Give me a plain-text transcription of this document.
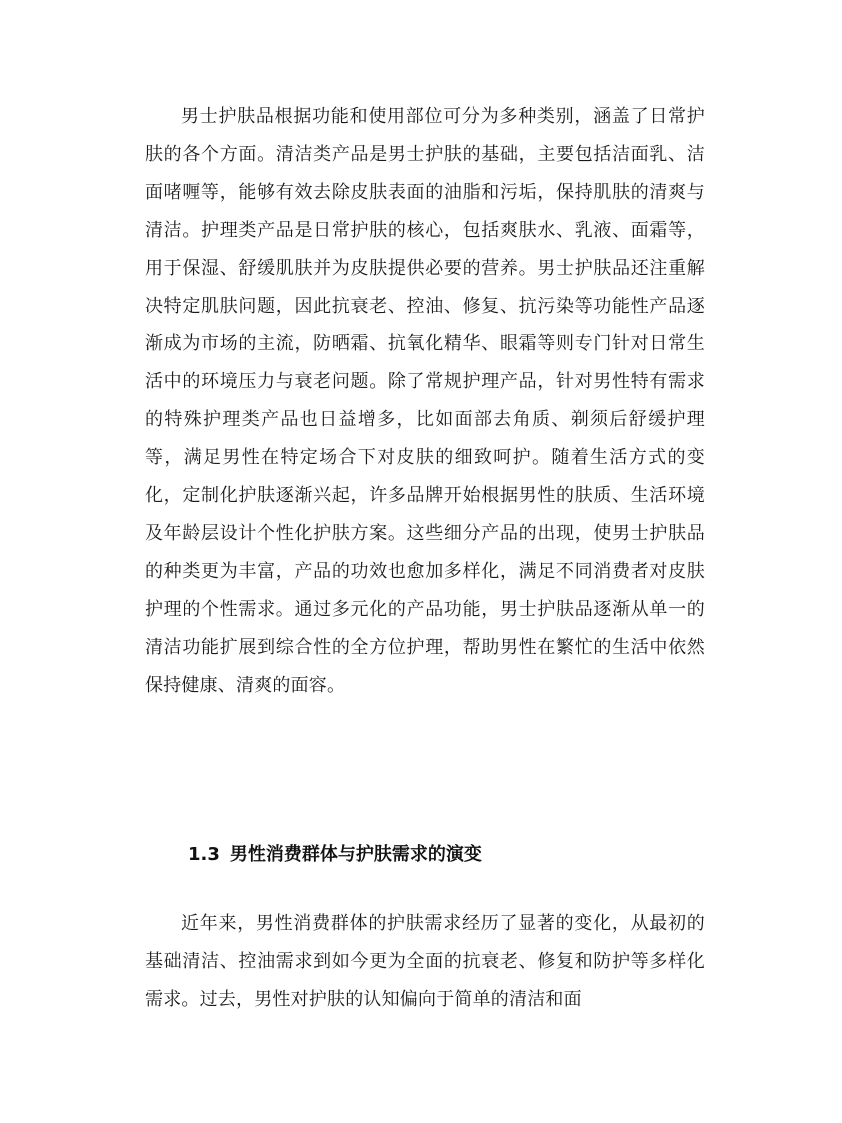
男士护肤品根据功能和使用部位可分为多种类别，涵盖了日常护肤的各个方面。清洁类产品是男士护肤的基础，主要包括洁面乳、洁面啫喱等，能够有效去除皮肤表面的油脂和污垢，保持肌肤的清爽与清洁。护理类产品是日常护肤的核心，包括爽肤水、乳液、面霜等，用于保湿、舒缓肌肤并为皮肤提供必要的营养。男士护肤品还注重解决特定肌肤问题，因此抗衰老、控油、修复、抗污染等功能性产品逐渐成为市场的主流，防晒霜、抗氧化精华、眼霜等则专门针对日常生活中的环境压力与衰老问题。除了常规护理产品，针对男性特有需求的特殊护理类产品也日益增多，比如面部去角质、剃须后舒缓护理等，满足男性在特定场合下对皮肤的细致呵护。随着生活方式的变化，定制化护肤逐渐兴起，许多品牌开始根据男性的肤质、生活环境及年龄层设计个性化护肤方案。这些细分产品的出现，使男士护肤品的种类更为丰富，产品的功效也愈加多样化，满足不同消费者对皮肤护理的个性需求。通过多元化的产品功能，男士护肤品逐渐从单一的清洁功能扩展到综合性的全方位护理，帮助男性在繁忙的生活中依然保持健康、清爽的面容。

1.3 男性消费群体与护肤需求的演变

近年来，男性消费群体的护肤需求经历了显著的变化，从最初的基础清洁、控油需求到如今更为全面的抗衰老、修复和防护等多样化需求。过去，男性对护肤的认知偏向于简单的清洁和面
